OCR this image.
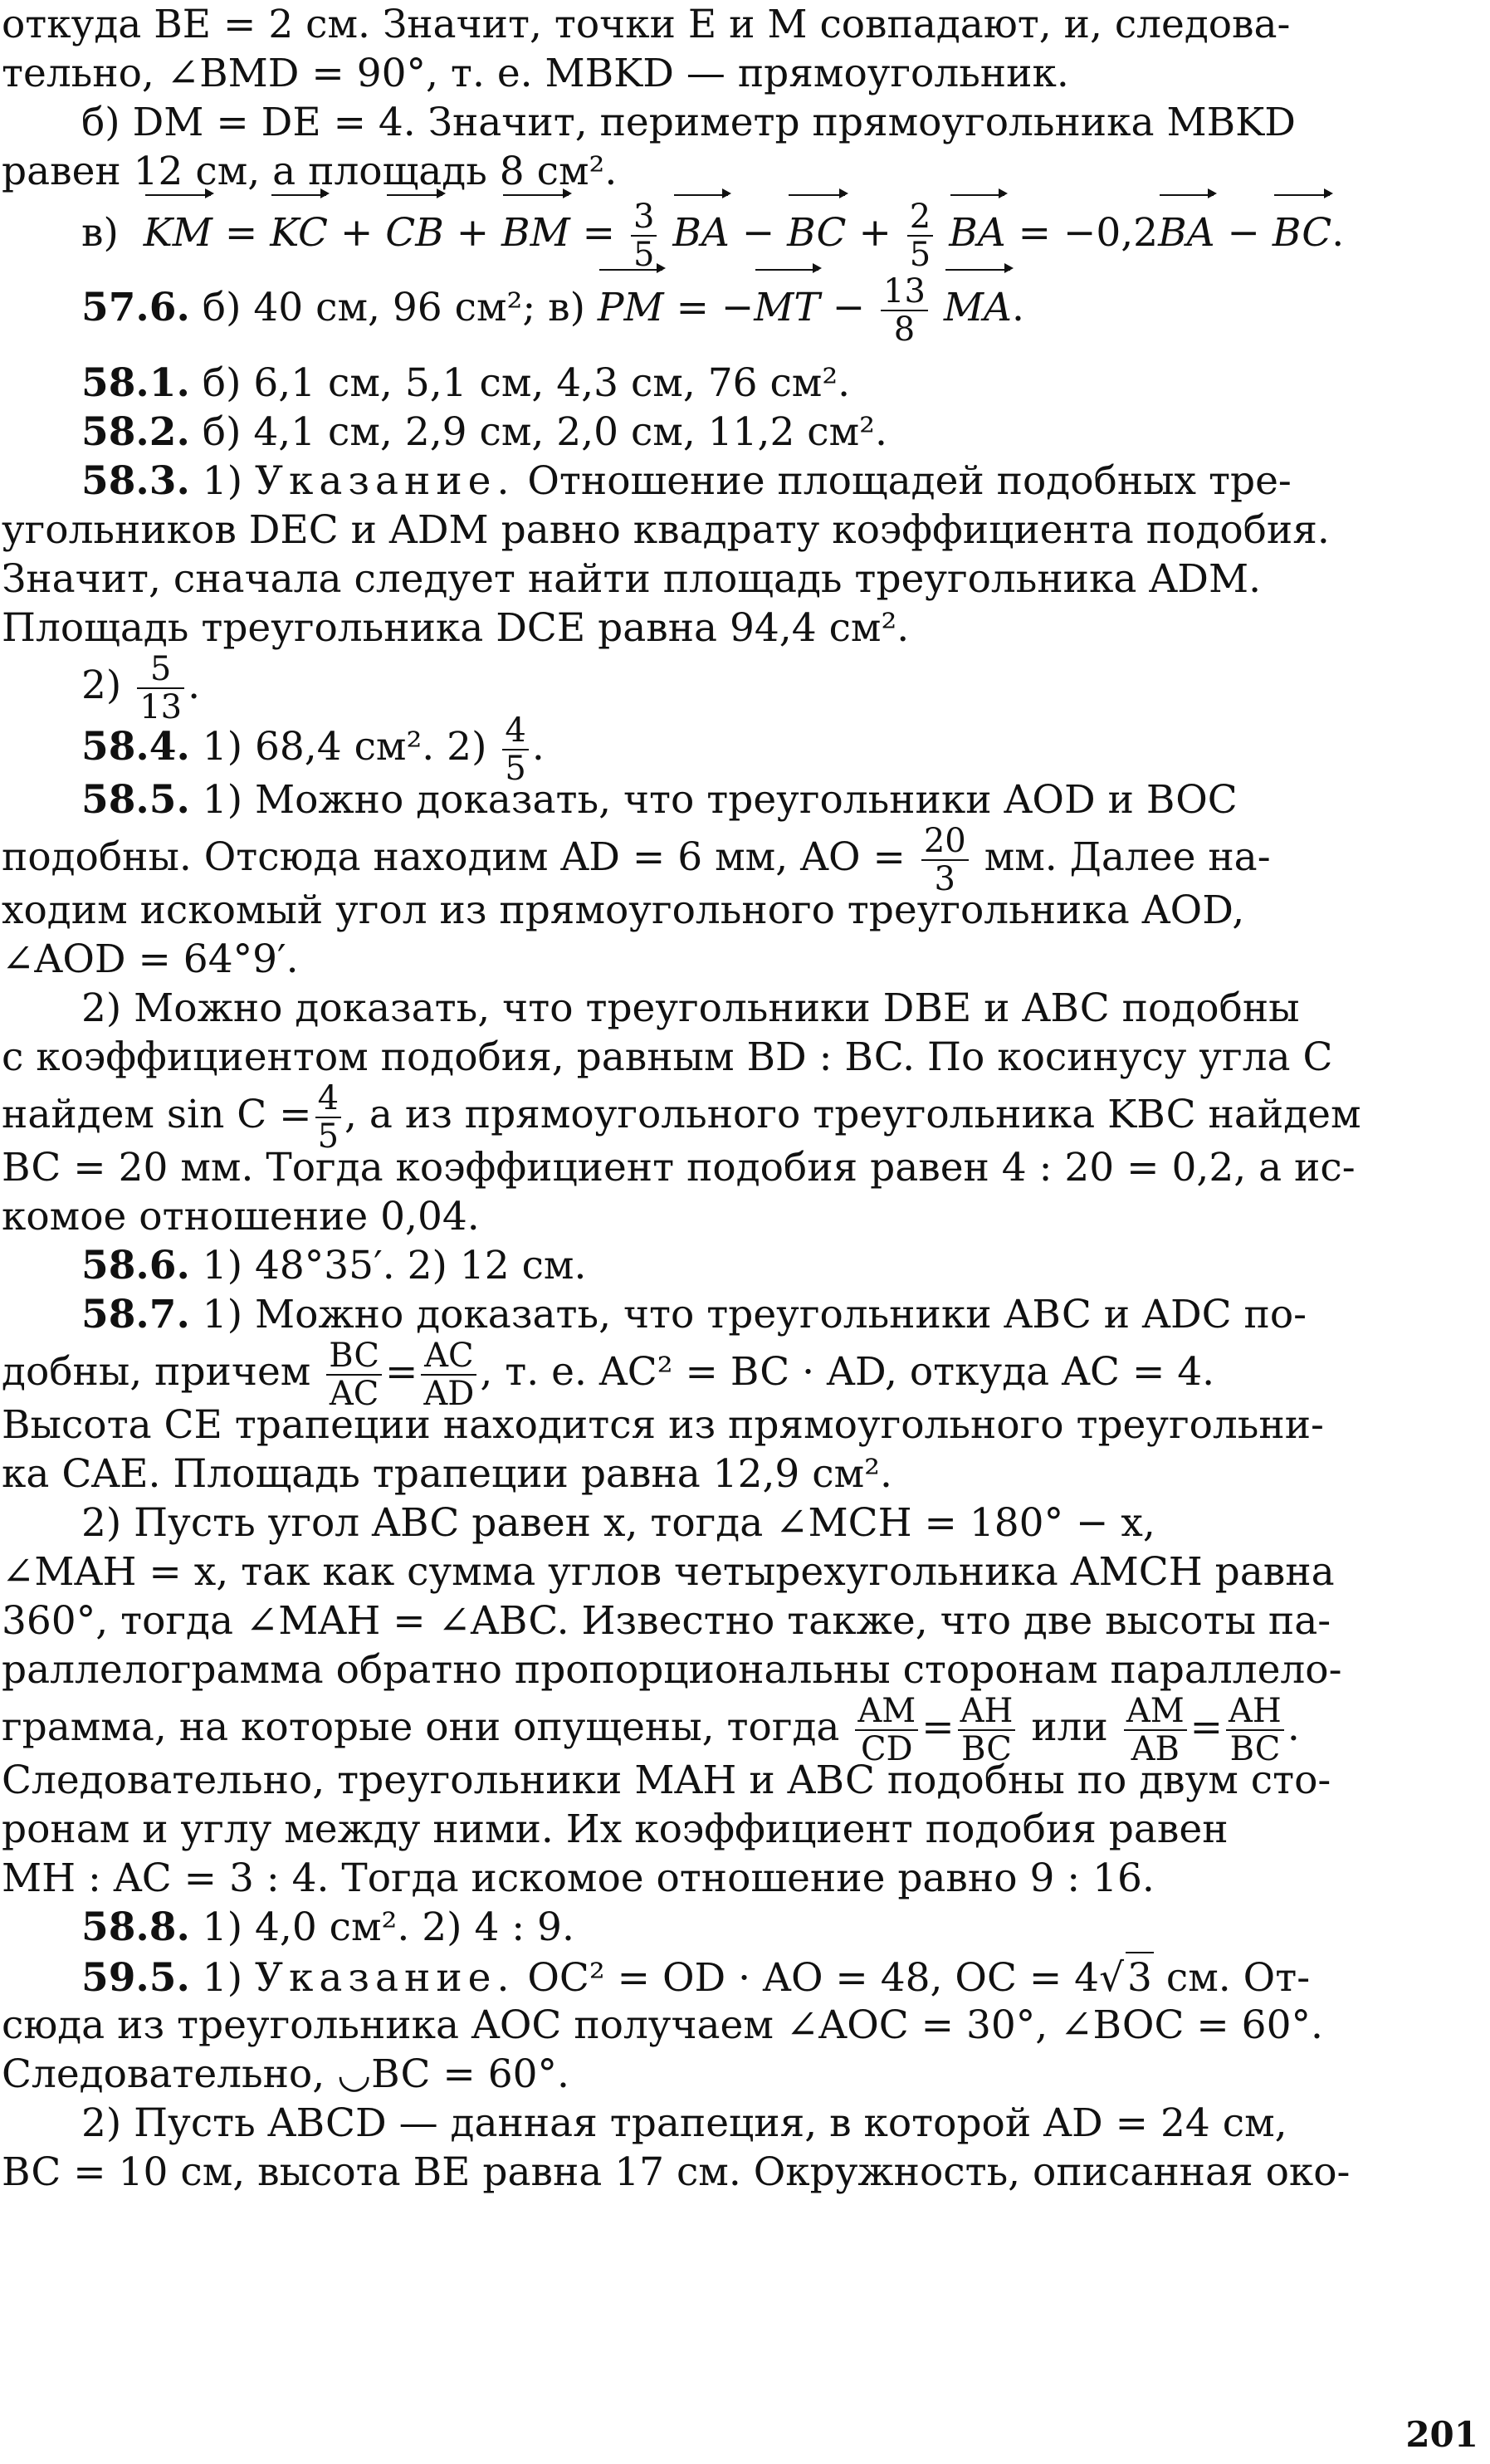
откуда BE = 2 см. Значит, точки E и M совпадают, и, следова-
тельно, ∠BMD = 90°, т. е. MBKD — прямоугольник.
б) DM = DE = 4. Значит, периметр прямоугольника MBKD
равен 12 см, а площадь 8 см².
в) KM = KC + CB + BM = $\frac{3}{5}$ BA − BC + $\frac{2}{5}$ BA = −0,2BA − BC.
57.6. б) 40 см, 96 см²; в) PM = $-MT - \frac{13}{8}$ MA.
58.1. б) 6,1 см, 5,1 см, 4,3 см, 76 см².
58.2. б) 4,1 см, 2,9 см, 2,0 см, 11,2 см².
58.3. 1) Указание. Отношение площадей подобных тре-
угольников DEC и ADM равно квадрату коэффициента подобия.
Значит, сначала следует найти площадь треугольника ADM.
Площадь треугольника DCE равна 94,4 см².
$2) \frac{5}{13}$ .
58.4. 1) 68,4 см². $2) \frac{4}{5}$ .
58.5. 1) Можно доказать, что треугольники AOD и BOC
подобны. Отсюда находим AD = 6 мм, AO = $\frac{20}{3}$ мм. Далее на-
ходим искомый угол из прямоугольного треугольника AOD,
∠AOD = 64°9′.
2) Можно доказать, что треугольники DBE и ABC подобны
с коэффициентом подобия, равным BD : BC. По косинусу угла C
найдем $\sin C = \frac{4}{5}$ , а из прямоугольного треугольника KBC найдем
BC = 20 мм. Тогда коэффициент подобия равен 4 : 20 = 0,2, а ис-
комое отношение 0,04.
58.6. 1) 48°35′. 2) 12 см.
58.7. 1) Можно доказать, что треугольники ABC и ADC по-
добны, причем $\frac{BC}{AC} = \frac{AC}{AD}$ , т. е. AC² = BC · AD, откуда AC = 4.
Высота CE трапеции находится из прямоугольного треугольни-
ка CAE. Площадь трапеции равна 12,9 см².
2) Пусть угол ABC равен x, тогда ∠MCH = 180° − x,
∠MAH = x, так как сумма углов четырехугольника AMCH равна
360°, тогда ∠MAH = ∠ABC. Известно также, что две высоты па-
раллелограмма обратно пропорциональны сторонам параллело-
грамма, на которые они опущены, тогда $\frac{AM}{CD} = \frac{AH}{BC}$ или $\frac{AM}{AB} = \frac{AH}{BC}$ .
Следовательно, треугольники MAH и ABC подобны по двум сто-
ронам и углу между ними. Их коэффициент подобия равен
MH : AC = 3 : 4. Тогда искомое отношение равно 9 : 16.
58.8. 1) 4,0 см². 2) 4 : 9.
59.5. 1) Указание. OC² = OD · AO = 48, OC = 4√3 см. От-
сюда из треугольника AOC получаем ∠AOC = 30°, ∠BOC = 60°.
Следовательно, ◡BC = 60°.
2) Пусть ABCD — данная трапеция, в которой AD = 24 см,
BC = 10 см, высота BE равна 17 см. Окружность, описанная око-
201
